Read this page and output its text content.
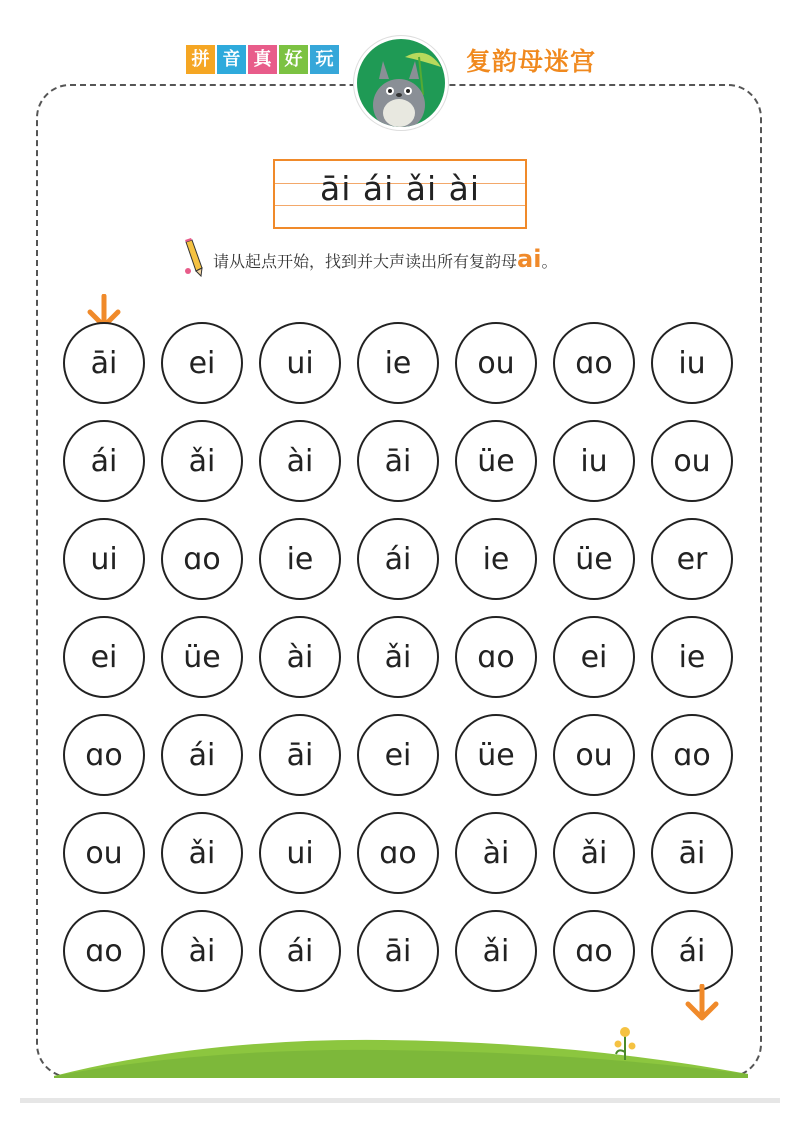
拼 音 真 好 玩	复韵母迷宫
āi ái ǎi ài
请从起点开始，找到并大声读出所有复韵母ai。
āi	ei	ui	ie	ou	ɑo	iu
ái	ǎi	ài	āi	üe	iu	ou
ui	ɑo	ie	ái	ie	üe	er
ei	üe	ài	ǎi	ɑo	ei	ie
ɑo	ái	āi	ei	üe	ou	ɑo
ou	ǎi	ui	ɑo	ài	ǎi	āi
ɑo	ài	ái	āi	ǎi	ɑo	ái
